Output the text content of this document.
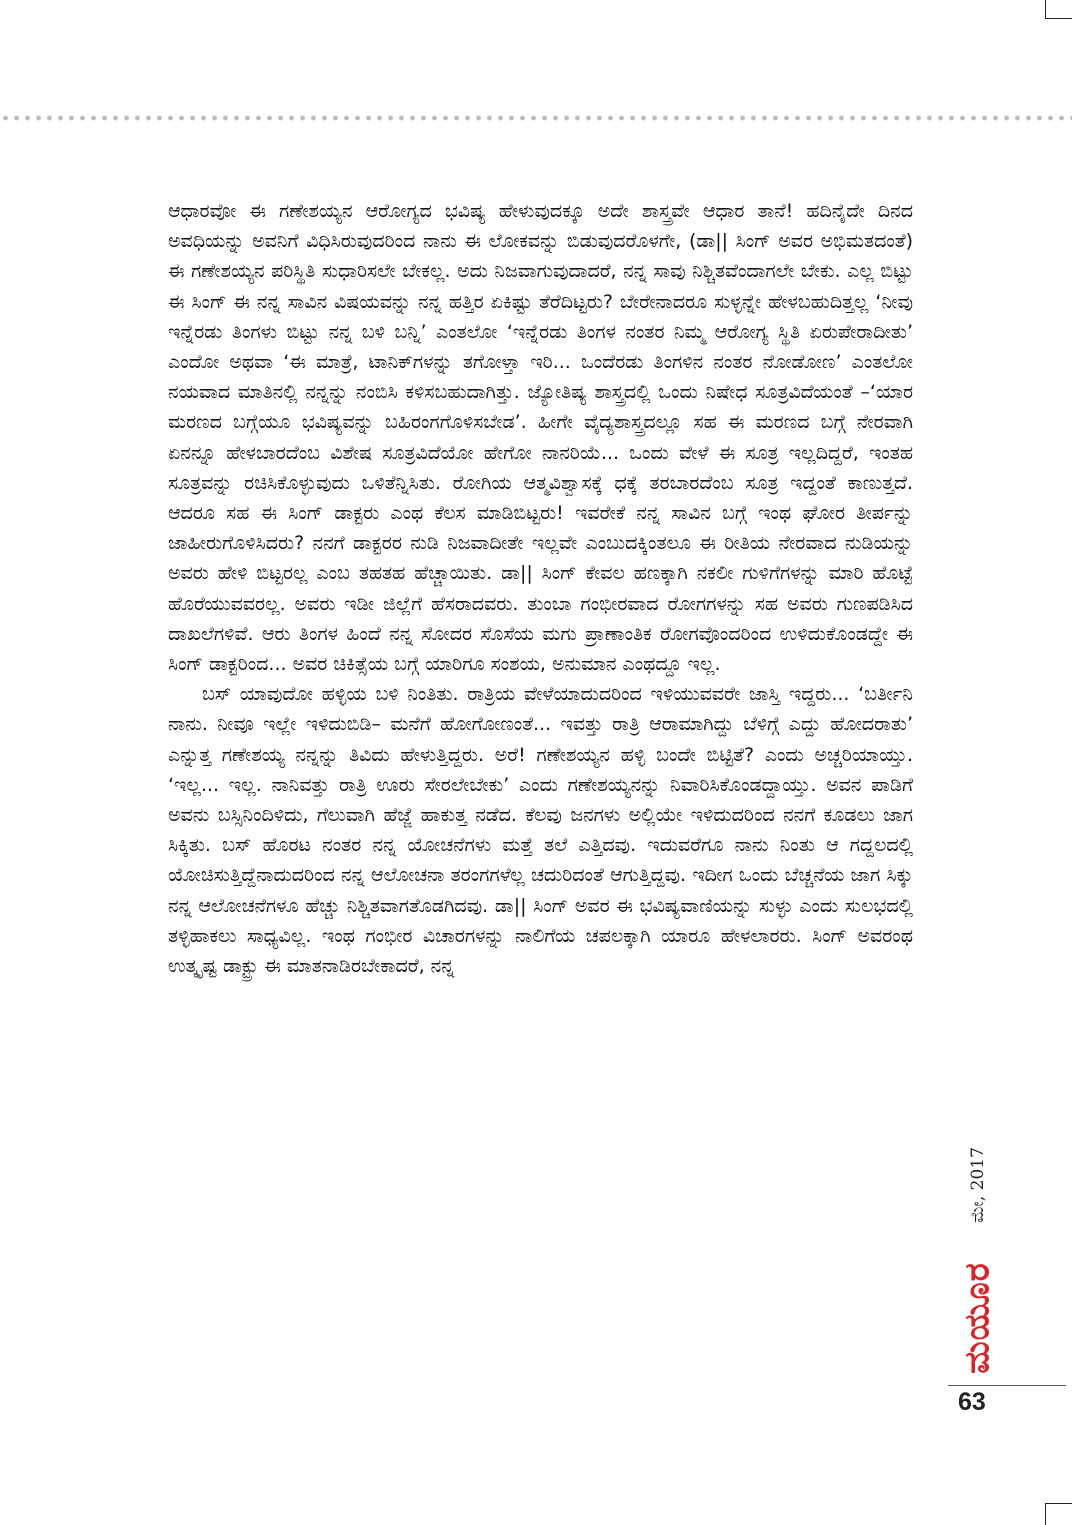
ಆಧಾರವೋ ಈ ಗಣೇಶಯ್ಯನ ಆರೋಗ್ಯದ ಭವಿಷ್ಯ ಹೇಳುವುದಕ್ಕೂ ಅದೇ ಶಾಸ್ತ್ರವೇ ಆಧಾರ ತಾನೆ! ಹದಿನೈದೇ ದಿನದ ಅವಧಿಯನ್ನು ಅವನಿಗೆ ವಿಧಿಸಿರುವುದರಿಂದ ನಾನು ಈ ಲೋಕವನ್ನು ಬಿಡುವುದರೊಳಗೇ, (ಡಾ|| ಸಿಂಗ್ ಅವರ ಅಭಿಮತದಂತೆ) ಈ ಗಣೇಶಯ್ಯನ ಪರಿಸ್ಥಿತಿ ಸುಧಾರಿಸಲೇ ಬೇಕಲ್ಲ. ಅದು ನಿಜವಾಗುವುದಾದರೆ, ನನ್ನ ಸಾವು ನಿಶ್ಚಿತವೆಂದಾಗಲೇ ಬೇಕು. ಎಲ್ಲ ಬಿಟ್ಟು ಈ ಸಿಂಗ್ ಈ ನನ್ನ ಸಾವಿನ ವಿಷಯವನ್ನು ನನ್ನ ಹತ್ತಿರ ಏಕಿಷ್ಟು ತೆರೆದಿಟ್ಟರು? ಬೇರೇನಾದರೂ ಸುಳ್ಳನ್ನೇ ಹೇಳಬಹುದಿತ್ತಲ್ಲ ‘ನೀವು ಇನ್ನೆರಡು ತಿಂಗಳು ಬಿಟ್ಟು ನನ್ನ ಬಳಿ ಬನ್ನಿ’ ಎಂತಲೋ ‘ಇನ್ನೆರಡು ತಿಂಗಳ ನಂತರ ನಿಮ್ಮ ಆರೋಗ್ಯ ಸ್ಥಿತಿ ಏರುಪೇರಾದೀತು’ ಎಂದೋ ಅಥವಾ ‘ಈ ಮಾತ್ರೆ, ಟಾನಿಕ್‌ಗಳನ್ನು ತಗೋಳ್ತಾ ಇರಿ... ಒಂದೆರಡು ತಿಂಗಳಿನ ನಂತರ ನೋಡೋಣ’ ಎಂತಲೋ ನಯವಾದ ಮಾತಿನಲ್ಲಿ ನನ್ನನ್ನು ನಂಬಿಸಿ ಕಳಿಸಬಹುದಾಗಿತ್ತು. ಜ್ಯೋತಿಷ್ಯ ಶಾಸ್ತ್ರದಲ್ಲಿ ಒಂದು ನಿಷೇಧ ಸೂತ್ರವಿದೆಯಂತೆ –‘ಯಾರ ಮರಣದ ಬಗ್ಗೆಯೂ ಭವಿಷ್ಯವನ್ನು ಬಹಿರಂಗಗೊಳಿಸಬೇಡ’. ಹೀಗೇ ವೈದ್ಯಶಾಸ್ತ್ರದಲ್ಲೂ ಸಹ ಈ ಮರಣದ ಬಗ್ಗೆ ನೇರವಾಗಿ ಏನನ್ನೂ ಹೇಳಬಾರದೆಂಬ ವಿಶೇಷ ಸೂತ್ರವಿದೆಯೋ ಹೇಗೋ ನಾನರಿಯೆ... ಒಂದು ವೇಳೆ ಈ ಸೂತ್ರ ಇಲ್ಲದಿದ್ದರೆ, ಇಂತಹ ಸೂತ್ರವನ್ನು ರಚಿಸಿಕೊಳ್ಳುವುದು ಒಳಿತೆನ್ನಿಸಿತು. ರೋಗಿಯ ಆತ್ಮವಿಶ್ವಾಸಕ್ಕೆ ಧಕ್ಕೆ ತರಬಾರದೆಂಬ ಸೂತ್ರ ಇದ್ದಂತೆ ಕಾಣುತ್ತದೆ. ಆದರೂ ಸಹ ಈ ಸಿಂಗ್ ಡಾಕ್ಟರು ಎಂಥ ಕೆಲಸ ಮಾಡಿಬಿಟ್ಟರು! ಇವರೇಕೆ ನನ್ನ ಸಾವಿನ ಬಗ್ಗೆ ಇಂಥ ಘೋರ ತೀರ್ಪನ್ನು ಜಾಹೀರುಗೊಳಿಸಿದರು? ನನಗೆ ಡಾಕ್ಟರರ ನುಡಿ ನಿಜವಾದೀತೇ ಇಲ್ಲವೇ ಎಂಬುದಕ್ಕಿಂತಲೂ ಈ ರೀತಿಯ ನೇರವಾದ ನುಡಿಯನ್ನು ಅವರು ಹೇಳಿ ಬಿಟ್ಟರಲ್ಲ ಎಂಬ ತಹತಹ ಹೆಚ್ಚಾಯಿತು. ಡಾ|| ಸಿಂಗ್ ಕೇವಲ ಹಣಕ್ಕಾಗಿ ನಕಲೀ ಗುಳಿಗೆಗಳನ್ನು ಮಾರಿ ಹೊಟ್ಟೆ ಹೊರೆಯುವವರಲ್ಲ. ಅವರು ಇಡೀ ಜಿಲ್ಲೆಗೆ ಹೆಸರಾದವರು. ತುಂಬಾ ಗಂಭೀರವಾದ ರೋಗಗಳನ್ನು ಸಹ ಅವರು ಗುಣಪಡಿಸಿದ ದಾಖಲೆಗಳಿವೆ. ಆರು ತಿಂಗಳ ಹಿಂದೆ ನನ್ನ ಸೋದರ ಸೊಸೆಯ ಮಗು ಪ್ರಾಣಾಂತಿಕ ರೋಗವೊಂದರಿಂದ ಉಳಿದುಕೊಂಡದ್ದೇ ಈ ಸಿಂಗ್ ಡಾಕ್ಟರಿಂದ... ಅವರ ಚಿಕಿತ್ಸೆಯ ಬಗ್ಗೆ ಯಾರಿಗೂ ಸಂಶಯ, ಅನುಮಾನ ಎಂಥದ್ದೂ ಇಲ್ಲ.

ಬಸ್ ಯಾವುದೋ ಹಳ್ಳಿಯ ಬಳಿ ನಿಂತಿತು. ರಾತ್ರಿಯ ವೇಳೆಯಾದುದರಿಂದ ಇಳಿಯುವವರೇ ಜಾಸ್ತಿ ಇದ್ದರು... ‘ಬರ್ತೀನಿ ನಾನು. ನೀವೂ ಇಲ್ಲೇ ಇಳಿದುಬಿಡಿ– ಮನೆಗೆ ಹೋಗೋಣಂತೆ... ಇವತ್ತು ರಾತ್ರಿ ಆರಾಮಾಗಿದ್ದು ಬೆಳಿಗ್ಗೆ ಎದ್ದು ಹೋದರಾತು’ ಎನ್ನುತ್ತ ಗಣೇಶಯ್ಯ ನನ್ನನ್ನು ತಿವಿದು ಹೇಳುತ್ತಿದ್ದರು. ಅರೆ! ಗಣೇಶಯ್ಯನ ಹಳ್ಳಿ ಬಂದೇ ಬಿಟ್ಟಿತೆ? ಎಂದು ಅಚ್ಚರಿಯಾಯ್ತು. ‘ಇಲ್ಲ... ಇಲ್ಲ. ನಾನಿವತ್ತು ರಾತ್ರಿ ಊರು ಸೇರಲೇಬೇಕು’ ಎಂದು ಗಣೇಶಯ್ಯನನ್ನು ನಿವಾರಿಸಿಕೊಂಡದ್ದಾಯ್ತು. ಅವನ ಪಾಡಿಗೆ ಅವನು ಬಸ್ಸಿನಿಂದಿಳಿದು, ಗೆಲುವಾಗಿ ಹೆಜ್ಜೆ ಹಾಕುತ್ತ ನಡೆದ. ಕೆಲವು ಜನಗಳು ಅಲ್ಲಿಯೇ ಇಳಿದುದರಿಂದ ನನಗೆ ಕೂಡಲು ಜಾಗ ಸಿಕ್ಕಿತು. ಬಸ್ ಹೊರಟ ನಂತರ ನನ್ನ ಯೋಚನೆಗಳು ಮತ್ತೆ ತಲೆ ಎತ್ತಿದವು. ಇದುವರೆಗೂ ನಾನು ನಿಂತು ಆ ಗದ್ದಲದಲ್ಲಿ ಯೋಚಿಸುತ್ತಿದ್ದೆನಾದುದರಿಂದ ನನ್ನ ಆಲೋಚನಾ ತರಂಗಗಳೆಲ್ಲ ಚದುರಿದಂತೆ ಆಗುತ್ತಿದ್ದವು. ಇದೀಗ ಒಂದು ಬೆಚ್ಚನೆಯ ಜಾಗ ಸಿಕ್ಕು ನನ್ನ ಆಲೋಚನೆಗಳೂ ಹೆಚ್ಚು ನಿಶ್ಚಿತವಾಗತೊಡಗಿದವು. ಡಾ|| ಸಿಂಗ್ ಅವರ ಈ ಭವಿಷ್ಯವಾಣಿಯನ್ನು ಸುಳ್ಳು ಎಂದು ಸುಲಭದಲ್ಲಿ ತಳ್ಳಿಹಾಕಲು ಸಾಧ್ಯವಿಲ್ಲ. ಇಂಥ ಗಂಭೀರ ವಿಚಾರಗಳನ್ನು ನಾಲಿಗೆಯ ಚಪಲಕ್ಕಾಗಿ ಯಾರೂ ಹೇಳಲಾರರು. ಸಿಂಗ್ ಅವರಂಥ ಉತ್ಕೃಷ್ಟ ಡಾಕ್ಟ್ರು ಈ ಮಾತನಾಡಿರಬೇಕಾದರೆ, ನನ್ನ

ಮೇ, 2017
ಮಯೂರ
63
